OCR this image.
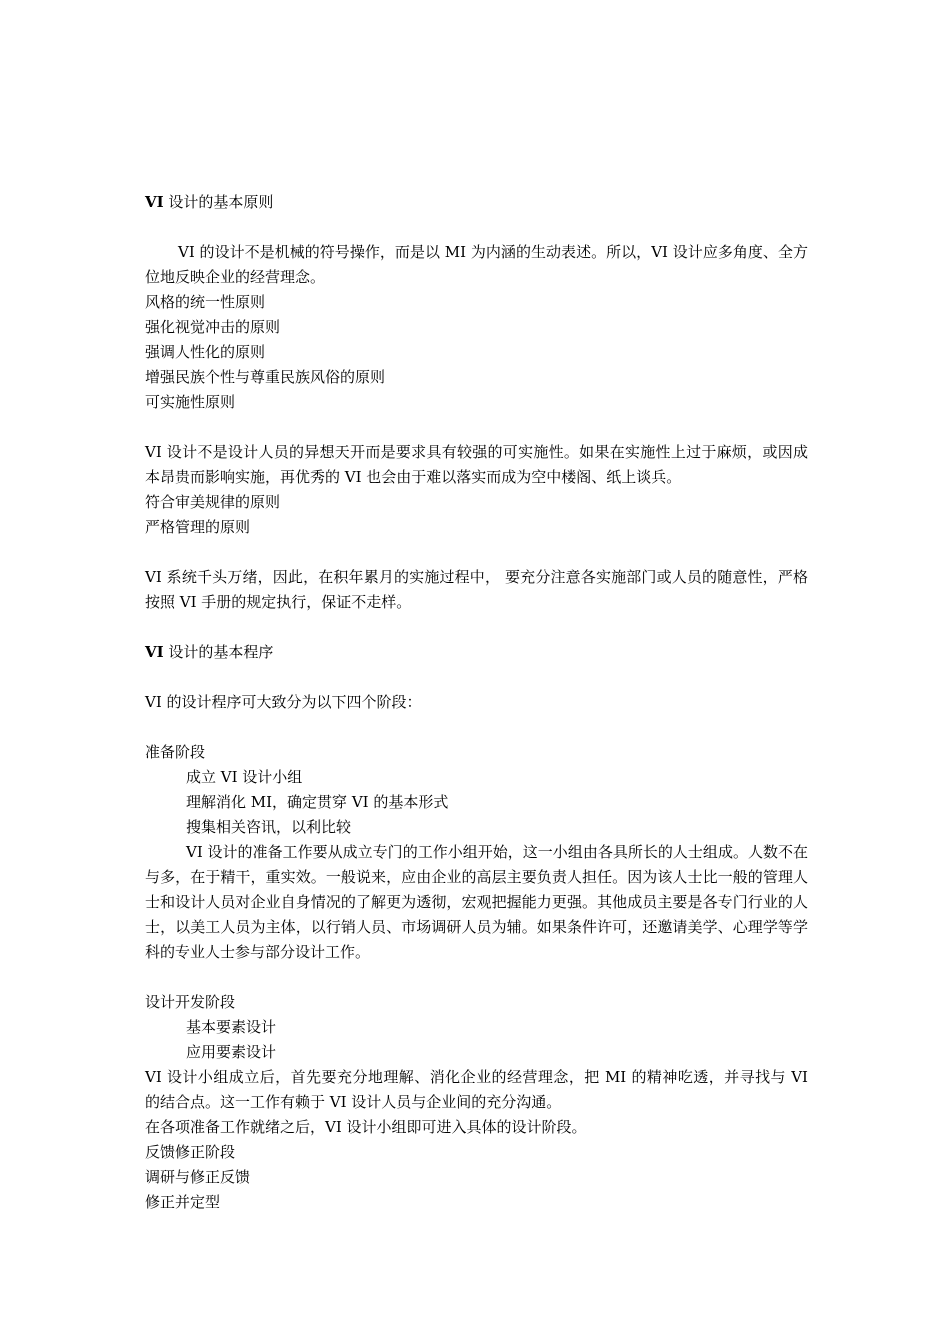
VI 设计的基本原则
VI 的设计不是机械的符号操作，而是以 MI 为内涵的生动表述。所以，VI 设计应多角度、全方位地反映企业的经营理念。
风格的统一性原则
强化视觉冲击的原则
强调人性化的原则
增强民族个性与尊重民族风俗的原则
可实施性原则
VI 设计不是设计人员的异想天开而是要求具有较强的可实施性。如果在实施性上过于麻烦，或因成本昂贵而影响实施，再优秀的 VI 也会由于难以落实而成为空中楼阁、纸上谈兵。
符合审美规律的原则
严格管理的原则
VI 系统千头万绪，因此，在积年累月的实施过程中， 要充分注意各实施部门或人员的随意性，严格按照 VI 手册的规定执行，保证不走样。
VI 设计的基本程序
VI 的设计程序可大致分为以下四个阶段：
准备阶段
成立 VI 设计小组
理解消化 MI，确定贯穿 VI 的基本形式
搜集相关咨讯，以利比较
VI 设计的准备工作要从成立专门的工作小组开始，这一小组由各具所长的人士组成。人数不在与多，在于精干，重实效。一般说来，应由企业的高层主要负责人担任。因为该人士比一般的管理人士和设计人员对企业自身情况的了解更为透彻，宏观把握能力更强。其他成员主要是各专门行业的人士，以美工人员为主体，以行销人员、市场调研人员为辅。如果条件许可，还邀请美学、心理学等学科的专业人士参与部分设计工作。
设计开发阶段
基本要素设计
应用要素设计
VI 设计小组成立后，首先要充分地理解、消化企业的经营理念，把 MI 的精神吃透，并寻找与 VI 的结合点。这一工作有赖于 VI 设计人员与企业间的充分沟通。
在各项准备工作就绪之后，VI 设计小组即可进入具体的设计阶段。
反馈修正阶段
调研与修正反馈
修正并定型
